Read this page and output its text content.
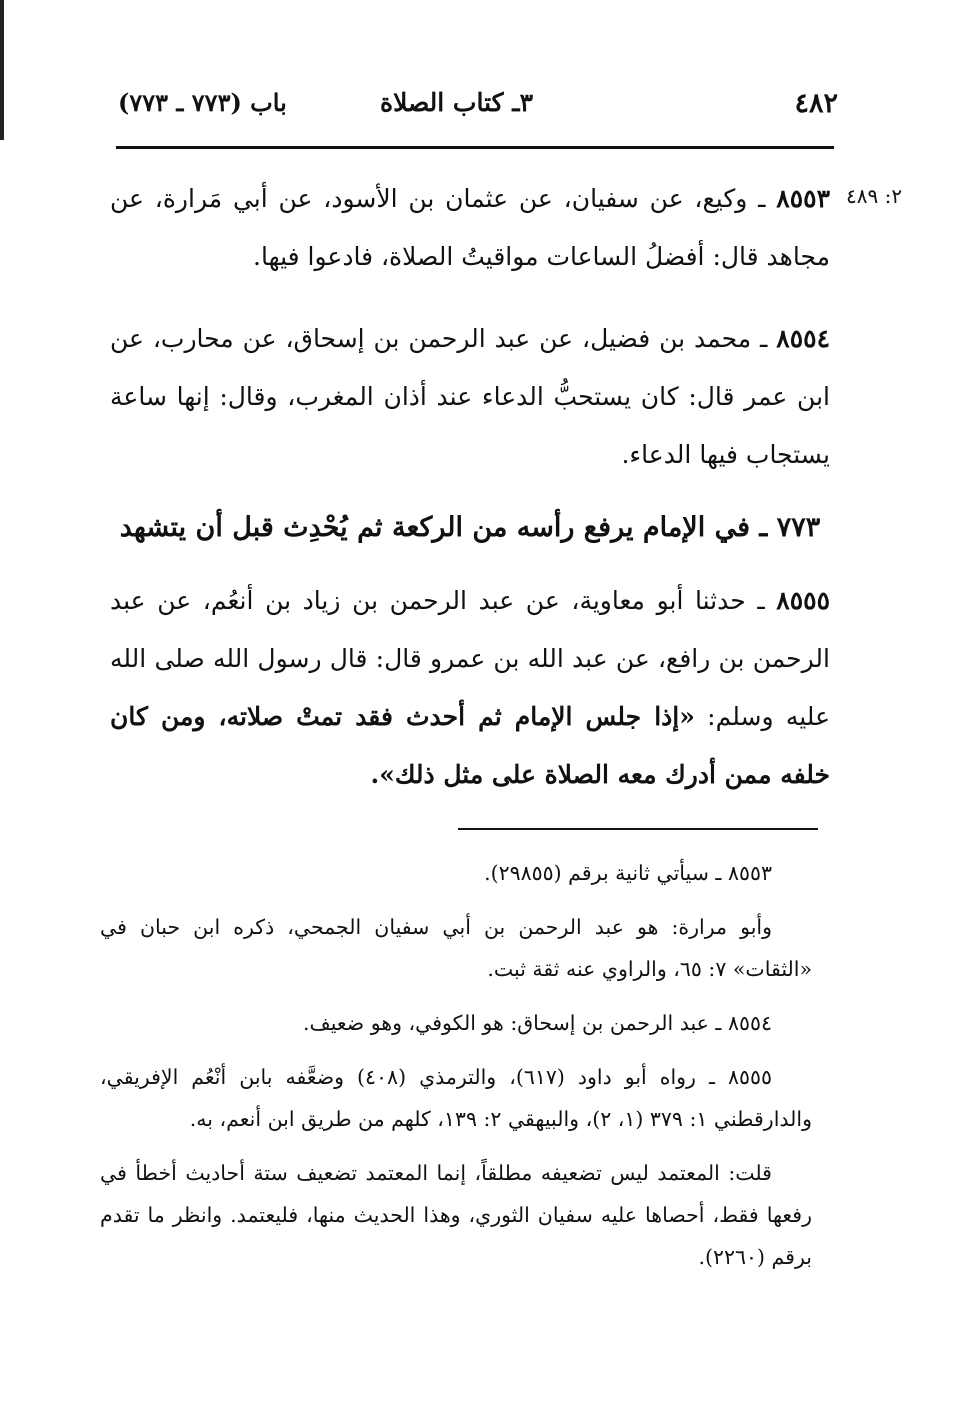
٤٨٢
٣ـ كتاب الصلاة
باب (٧٧٣ ـ ٧٧٣)
٢: ٤٨٩

٨٥٥٣ ـ وكيع، عن سفيان، عن عثمان بن الأسود، عن أبي مَرارة، عن مجاهد قال: أفضلُ الساعات مواقيتُ الصلاة، فادعوا فيها.

٨٥٥٤ ـ محمد بن فضيل، عن عبد الرحمن بن إسحاق، عن محارب، عن ابن عمر قال: كان يستحبُّ الدعاء عند أذان المغرب، وقال: إنها ساعة يستجاب فيها الدعاء.

٧٧٣ ـ في الإمام يرفع رأسه من الركعة ثم يُحْدِث قبل أن يتشهد

٨٥٥٥ ـ حدثنا أبو معاوية، عن عبد الرحمن بن زياد بن أنعُم، عن عبد الرحمن بن رافع، عن عبد الله بن عمرو قال: قال رسول الله صلى الله عليه وسلم: «إذا جلس الإمام ثم أحدث فقد تمتْ صلاته، ومن كان خلفه ممن أدرك معه الصلاة على مثل ذلك».

٨٥٥٣ ـ سيأتي ثانية برقم (٢٩٨٥٥).

وأبو مرارة: هو عبد الرحمن بن أبي سفيان الجمحي، ذكره ابن حبان في «الثقات» ٧: ٦٥، والراوي عنه ثقة ثبت.

٨٥٥٤ ـ عبد الرحمن بن إسحاق: هو الكوفي، وهو ضعيف.

٨٥٥٥ ـ رواه أبو داود (٦١٧)، والترمذي (٤٠٨) وضعَّفه بابن أنْعُم الإفريقي، والدارقطني ١: ٣٧٩ (١، ٢)، والبيهقي ٢: ١٣٩، كلهم من طريق ابن أنعم، به.

قلت: المعتمد ليس تضعيفه مطلقاً، إنما المعتمد تضعيف ستة أحاديث أخطأ في رفعها فقط، أحصاها عليه سفيان الثوري، وهذا الحديث منها، فليعتمد. وانظر ما تقدم برقم (٢٢٦٠).
